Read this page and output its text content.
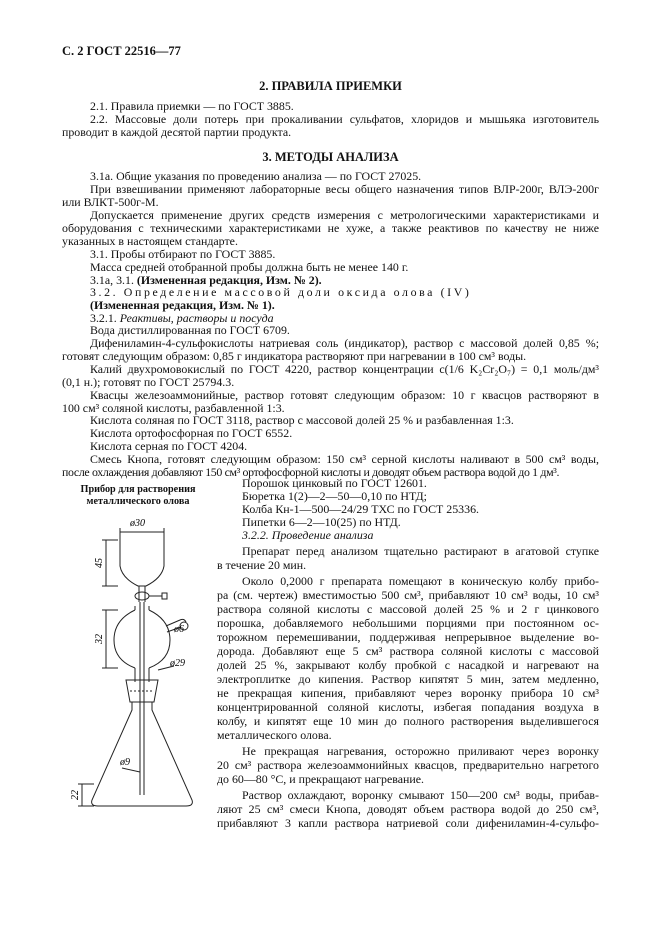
С. 2 ГОСТ 22516—77
2. ПРАВИЛА ПРИЕМКИ
2.1. Правила приемки — по ГОСТ 3885.
2.2. Массовые доли потерь при прокаливании сульфатов, хлоридов и мышьяка изготовитель
проводит в каждой десятой партии продукта.
3. МЕТОДЫ АНАЛИЗА
3.1а. Общие указания по проведению анализа — по ГОСТ 27025.
При взвешивании применяют лабораторные весы общего назначения типов ВЛР-200г, ВЛЭ-200г
или ВЛКТ-500г-М.
Допускается применение других средств измерения с метрологическими характеристиками и
оборудования с техническими характеристиками не хуже, а также реактивов по качеству не ниже
указанных в настоящем стандарте.
3.1. Пробы отбирают по ГОСТ 3885.
Масса средней отобранной пробы должна быть не менее 140 г.
3.1а, 3.1. (Измененная редакция, Изм. № 2).
3.2. Определение массовой доли оксида олова (IV)
(Измененная редакция, Изм. № 1).
3.2.1. Реактивы, растворы и посуда
Вода дистиллированная по ГОСТ 6709.
Дифениламин-4-сульфокислоты натриевая соль (индикатор), раствор с массовой долей 0,85 %;
готовят следующим образом: 0,85 г индикатора растворяют при нагревании в 100 см³ воды.
Калий двухромовокислый по ГОСТ 4220, раствор концентрации c(1/6 K₂Cr₂O₇) = 0,1 моль/дм³
(0,1 н.); готовят по ГОСТ 25794.3.
Квасцы железоаммонийные, раствор готовят следующим образом: 10 г квасцов растворяют в
100 см³ соляной кислоты, разбавленной 1:3.
Кислота соляная по ГОСТ 3118, раствор с массовой долей 25 % и разбавленная 1:3.
Кислота ортофосфорная по ГОСТ 6552.
Кислота серная по ГОСТ 4204.
Смесь Кнопа, готовят следующим образом: 150 см³ серной кислоты наливают в 500 см³ воды,
после охлаждения добавляют 150 см³ ортофосфорной кислоты и доводят объем раствора водой до 1 дм³.
Прибор для растворения
металлического олова
ø30
ø6
ø29
ø9
45
32
22
Порошок цинковый по ГОСТ 12601.
Бюретка 1(2)—2—50—0,10 по НТД;
Колба Кн-1—500—24/29 ТХС по ГОСТ 25336.
Пипетки 6—2—10(25) по НТД.
3.2.2. Проведение анализа
Препарат перед анализом тщательно растирают в агатовой ступке
в течение 20 мин.
Около 0,2000 г препарата помещают в коническую колбу прибо-
ра (см. чертеж) вместимостью 500 см³, прибавляют 10 см³ воды, 10 см³
раствора соляной кислоты с массовой долей 25 % и 2 г цинкового
порошка, добавляемого небольшими порциями при постоянном ос-
торожном перемешивании, поддерживая непрерывное выделение во-
дорода. Добавляют еще 5 см³ раствора соляной кислоты с массовой
долей 25 %, закрывают колбу пробкой с насадкой и нагревают на
электроплитке до кипения. Раствор кипятят 5 мин, затем медленно,
не прекращая кипения, прибавляют через воронку прибора 10 см³
концентрированной соляной кислоты, избегая попадания воздуха в
колбу, и кипятят еще 10 мин до полного растворения выделившегося
металлического олова.
Не прекращая нагревания, осторожно приливают через воронку
20 см³ раствора железоаммонийных квасцов, предварительно нагретого
до 60—80 °С, и прекращают нагревание.
Раствор охлаждают, воронку смывают 150—200 см³ воды, прибав-
ляют 25 см³ смеси Кнопа, доводят объем раствора водой до 250 см³,
прибавляют 3 капли раствора натриевой соли дифениламин-4-сульфо-
